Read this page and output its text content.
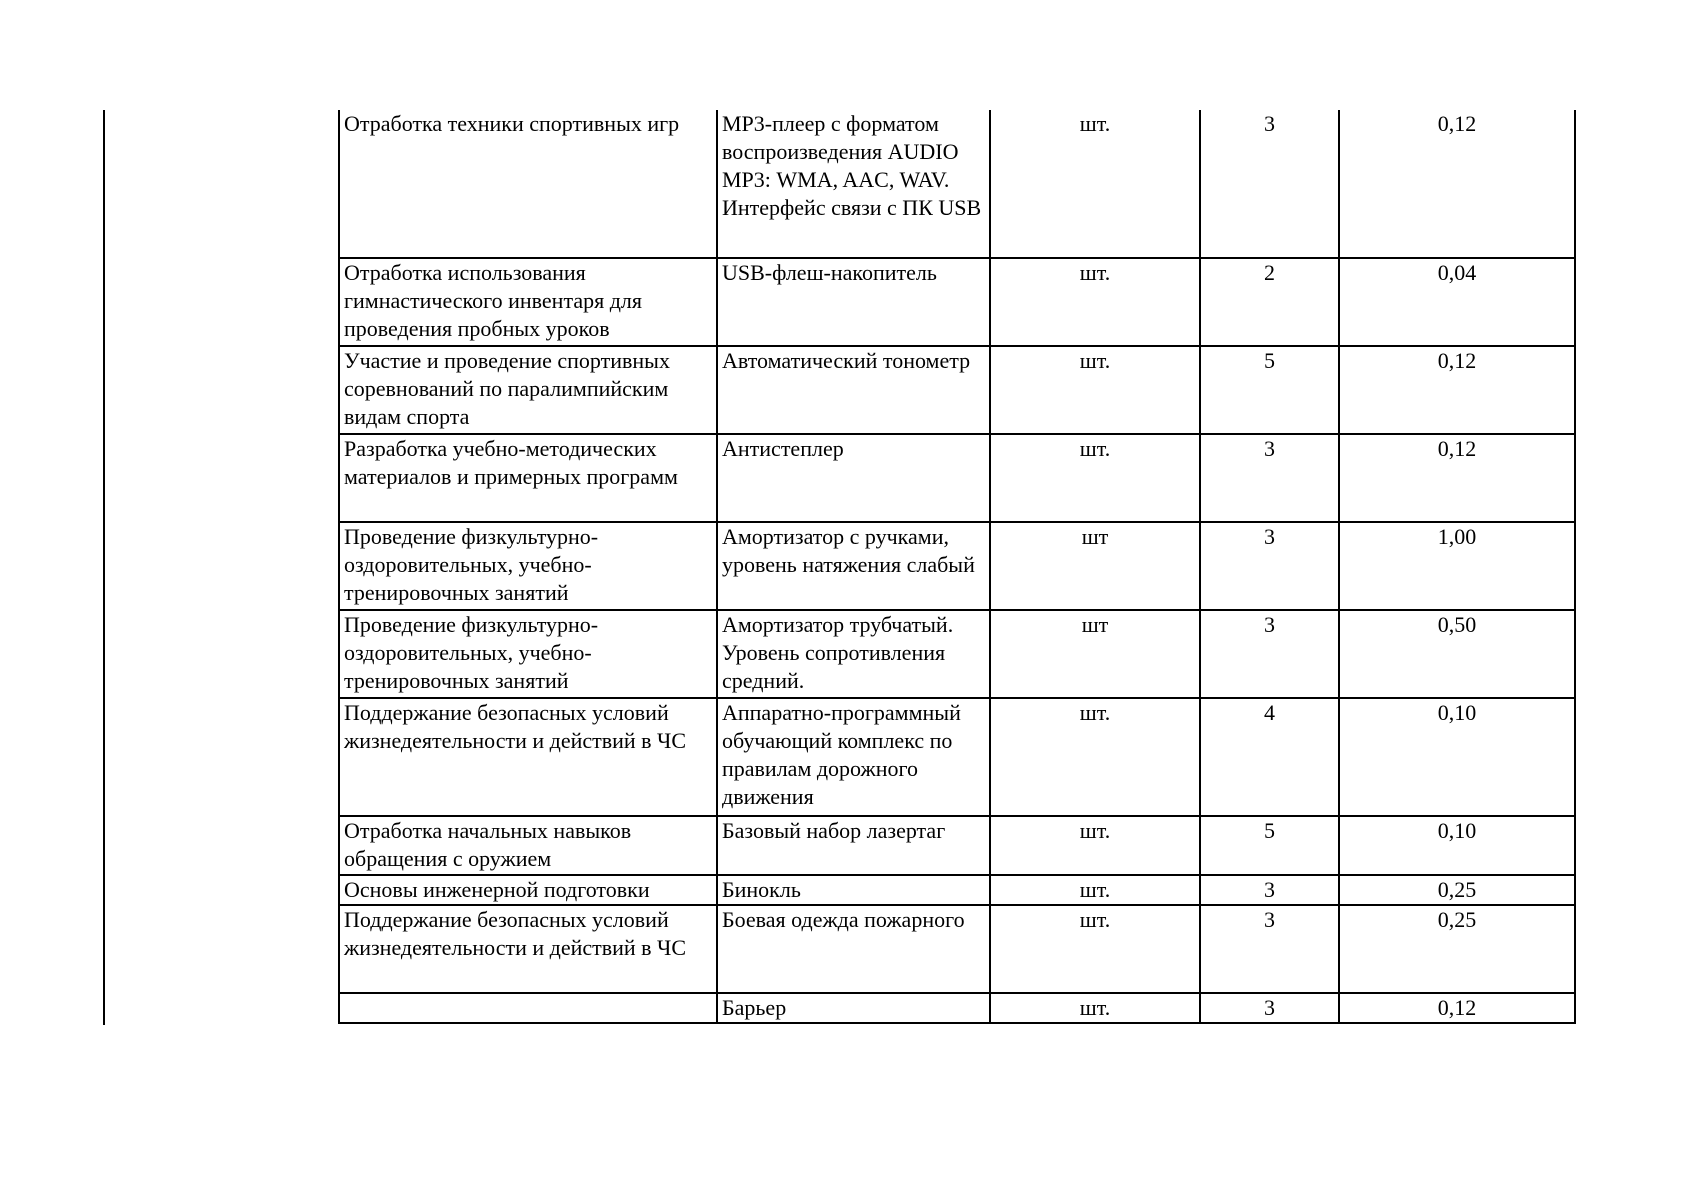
Отработка техники спортивных игр	МР3-плеер с форматом воспроизведения AUDIO МР3: WMA, AAC, WAV. Интерфейс связи с ПК USB	шт.	3	0,12
Отработка использования гимнастического инвентаря для проведения пробных уроков	USB-флеш-накопитель	шт.	2	0,04
Участие и проведение спортивных соревнований по паралимпийским видам спорта	Автоматический тонометр	шт.	5	0,12
Разработка учебно-методических материалов и примерных программ	Антистеплер	шт.	3	0,12
Проведение физкультурно-оздоровительных, учебно-тренировочных занятий	Амортизатор с ручками, уровень натяжения слабый	шт	3	1,00
Проведение физкультурно-оздоровительных, учебно-тренировочных занятий	Амортизатор трубчатый. Уровень сопротивления средний.	шт	3	0,50
Поддержание безопасных условий жизнедеятельности и действий в ЧС	Аппаратно-программный обучающий комплекс по правилам дорожного движения	шт.	4	0,10
Отработка начальных навыков обращения с оружием	Базовый набор лазертаг	шт.	5	0,10
Основы инженерной подготовки	Бинокль	шт.	3	0,25
Поддержание безопасных условий жизнедеятельности и действий в ЧС	Боевая одежда пожарного	шт.	3	0,25
	Барьер	шт.	3	0,12
